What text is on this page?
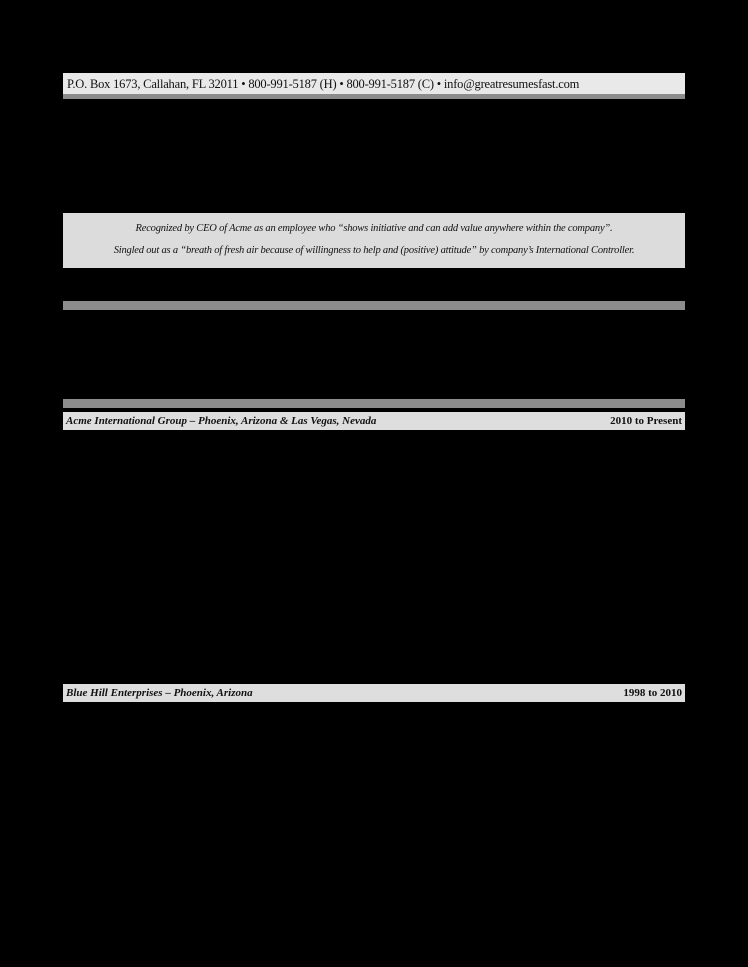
P.O. Box 1673, Callahan, FL 32011 • 800-991-5187 (H) • 800-991-5187 (C) • info@greatresumesfast.com
Recognized by CEO of Acme as an employee who “shows initiative and can add value anywhere within the company”.
Singled out as a “breath of fresh air because of willingness to help and (positive) attitude” by company’s International Controller.
Acme International Group – Phoenix, Arizona & Las Vegas, Nevada	2010 to Present
Blue Hill Enterprises – Phoenix, Arizona	1998 to 2010
